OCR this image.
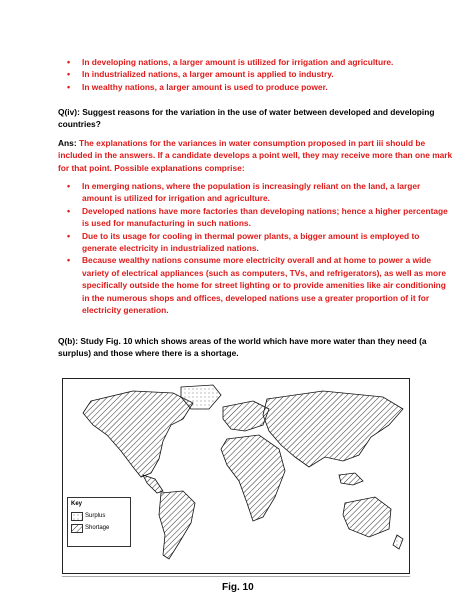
• In developing nations, a larger amount is utilized for irrigation and agriculture.
• In industrialized nations, a larger amount is applied to industry.
• In wealthy nations, a larger amount is used to produce power.
Q(iv): Suggest reasons for the variation in the use of water between developed and developing countries?
Ans: The explanations for the variances in water consumption proposed in part iii should be included in the answers. If a candidate develops a point well, they may receive more than one mark for that point. Possible explanations comprise:
• In emerging nations, where the population is increasingly reliant on the land, a larger amount is utilized for irrigation and agriculture.
• Developed nations have more factories than developing nations; hence a higher percentage is used for manufacturing in such nations.
• Due to its usage for cooling in thermal power plants, a bigger amount is employed to generate electricity in industrialized nations.
• Because wealthy nations consume more electricity overall and at home to power a wide variety of electrical appliances (such as computers, TVs, and refrigerators), as well as more specifically outside the home for street lighting or to provide amenities like air conditioning in the numerous shops and offices, developed nations use a greater proportion of it for electricity generation.
Q(b): Study Fig. 10 which shows areas of the world which have more water than they need (a surplus) and those where there is a shortage.
Key
Surplus
Shortage
Fig. 10
